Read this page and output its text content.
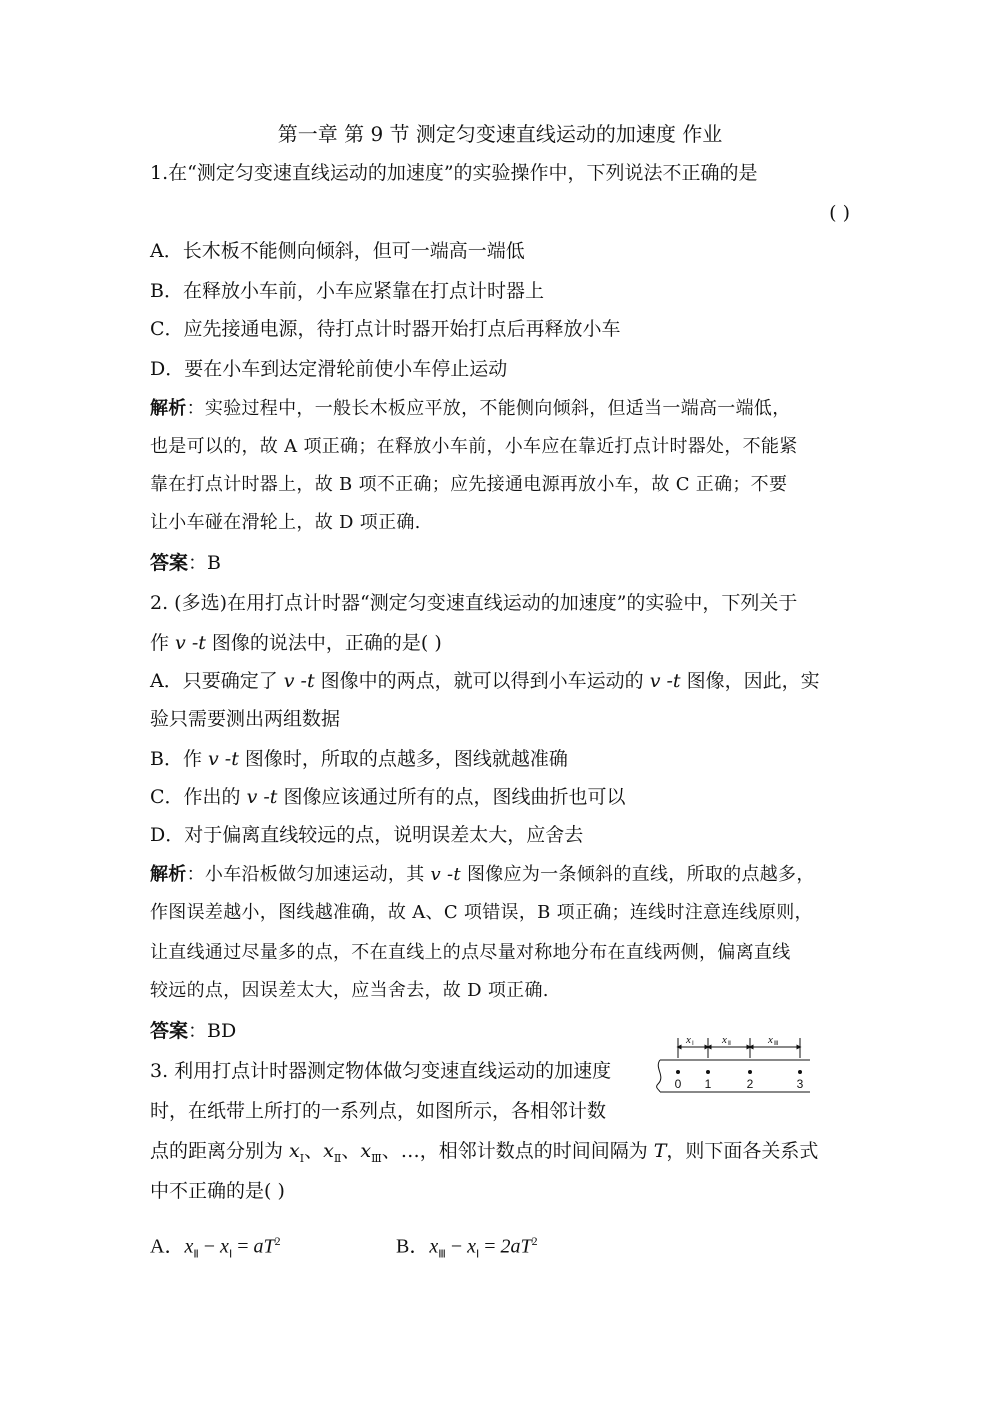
第一章 第 9 节 测定匀变速直线运动的加速度 作业
1.在“测定匀变速直线运动的加速度”的实验操作中，下列说法不正确的是
( )
A．长木板不能侧向倾斜，但可一端高一端低
B．在释放小车前，小车应紧靠在打点计时器上
C．应先接通电源，待打点计时器开始打点后再释放小车
D．要在小车到达定滑轮前使小车停止运动
解析：实验过程中，一般长木板应平放，不能侧向倾斜，但适当一端高一端低，
也是可以的，故 A 项正确；在释放小车前，小车应在靠近打点计时器处，不能紧
靠在打点计时器上，故 B 项不正确；应先接通电源再放小车，故 C 正确；不要
让小车碰在滑轮上，故 D 项正确.
答案：B
2. (多选)在用打点计时器“测定匀变速直线运动的加速度”的实验中，下列关于
作 v -t 图像的说法中，正确的是( )
A．只要确定了 v -t 图像中的两点，就可以得到小车运动的 v -t 图像，因此，实
验只需要测出两组数据
B．作 v -t 图像时，所取的点越多，图线就越准确
C．作出的 v -t 图像应该通过所有的点，图线曲折也可以
D．对于偏离直线较远的点，说明误差太大，应舍去
解析：小车沿板做匀加速运动，其 v -t 图像应为一条倾斜的直线，所取的点越多，
作图误差越小，图线越准确，故 A、C 项错误，B 项正确；连线时注意连线原则，
让直线通过尽量多的点，不在直线上的点尽量对称地分布在直线两侧，偏离直线
较远的点，因误差太大，应当舍去，故 D 项正确.
答案：BD
3. 利用打点计时器测定物体做匀变速直线运动的加速度
时，在纸带上所打的一系列点，如图所示，各相邻计数
点的距离分别为 $x_Ⅰ$、$x_Ⅱ$、$x_Ⅲ$、…，相邻计数点的时间间隔为 T，则下面各关系式
中不正确的是( )
A．$x_Ⅱ - x_Ⅰ = aT^2$	B．$x_Ⅲ - x_Ⅰ = 2aT^2$
x	x	x
Ⅰ	Ⅱ	Ⅲ
0 1	2	3
